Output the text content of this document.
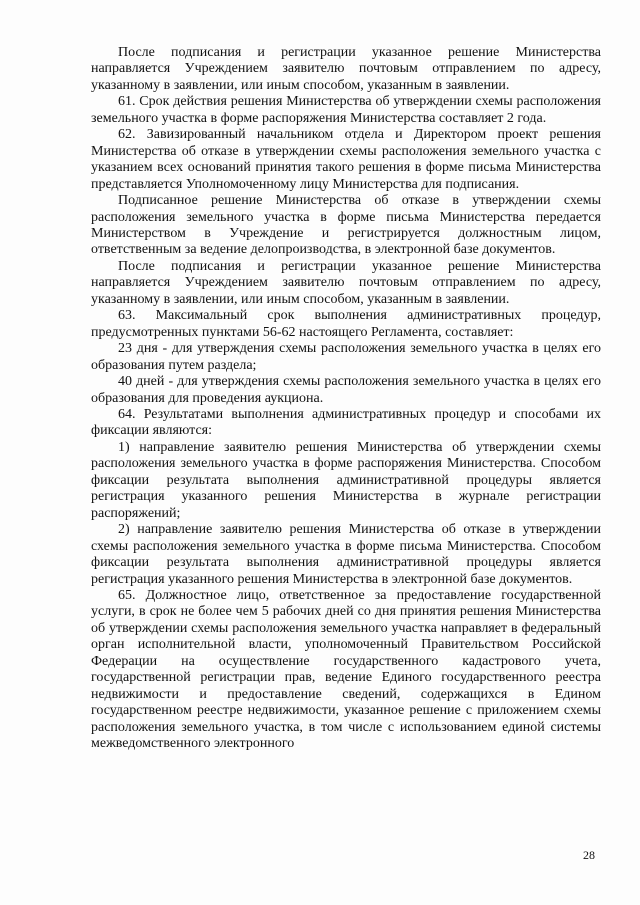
После подписания и регистрации указанное решение Министерства направляется Учреждением заявителю почтовым отправлением по адресу, указанному в заявлении, или иным способом, указанным в заявлении.

61. Срок действия решения Министерства об утверждении схемы расположения земельного участка в форме распоряжения Министерства составляет 2 года.

62. Завизированный начальником отдела и Директором проект решения Министерства об отказе в утверждении схемы расположения земельного участка с указанием всех оснований принятия такого решения в форме письма Министерства представляется Уполномоченному лицу Министерства для подписания.

Подписанное решение Министерства об отказе в утверждении схемы расположения земельного участка в форме письма Министерства передается Министерством в Учреждение и регистрируется должностным лицом, ответственным за ведение делопроизводства, в электронной базе документов.

После подписания и регистрации указанное решение Министерства направляется Учреждением заявителю почтовым отправлением по адресу, указанному в заявлении, или иным способом, указанным в заявлении.

63. Максимальный срок выполнения административных процедур, предусмотренных пунктами 56-62 настоящего Регламента, составляет:

23 дня - для утверждения схемы расположения земельного участка в целях его образования путем раздела;

40 дней - для утверждения схемы расположения земельного участка в целях его образования для проведения аукциона.

64. Результатами выполнения административных процедур и способами их фиксации являются:

1) направление заявителю решения Министерства об утверждении схемы расположения земельного участка в форме распоряжения Министерства. Способом фиксации результата выполнения административной процедуры является регистрация указанного решения Министерства в журнале регистрации распоряжений;

2) направление заявителю решения Министерства об отказе в утверждении схемы расположения земельного участка в форме письма Министерства. Способом фиксации результата выполнения административной процедуры является регистрация указанного решения Министерства в электронной базе документов.

65. Должностное лицо, ответственное за предоставление государственной услуги, в срок не более чем 5 рабочих дней со дня принятия решения Министерства об утверждении схемы расположения земельного участка направляет в федеральный орган исполнительной власти, уполномоченный Правительством Российской Федерации на осуществление государственного кадастрового учета, государственной регистрации прав, ведение Единого государственного реестра недвижимости и предоставление сведений, содержащихся в Едином государственном реестре недвижимости, указанное решение с приложением схемы расположения земельного участка, в том числе с использованием единой системы межведомственного электронного

28
